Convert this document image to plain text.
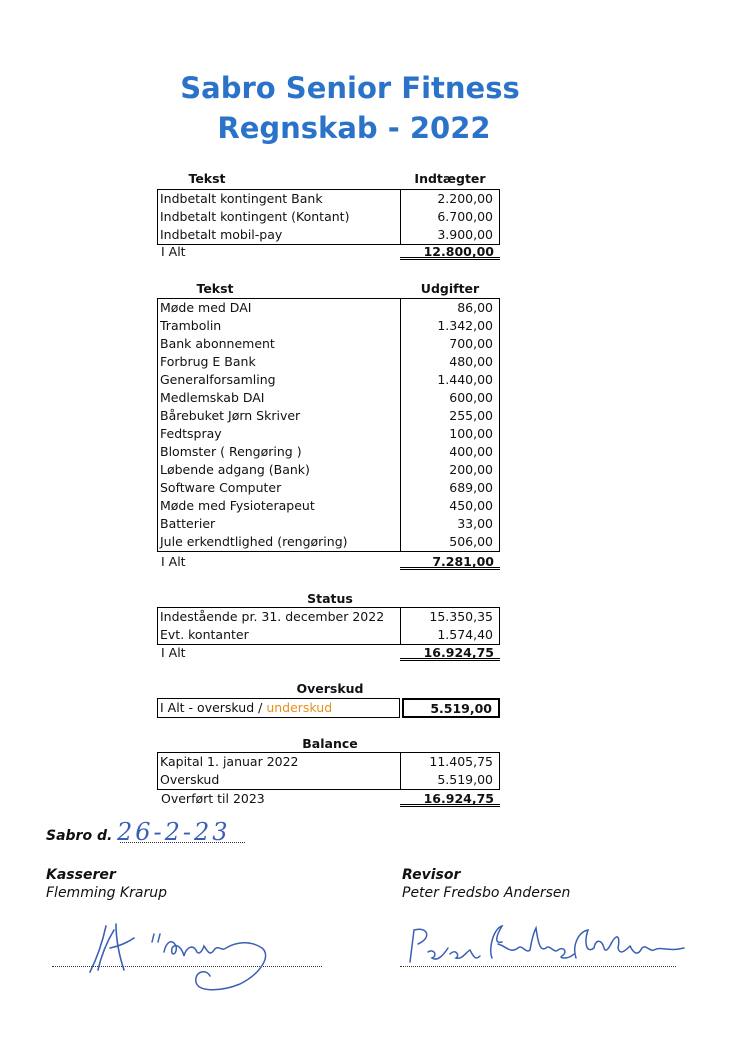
Sabro Senior Fitness
Regnskab - 2022
Tekst	Indtægter
Indbetalt kontingent Bank	2.200,00
Indbetalt kontingent (Kontant)	6.700,00
Indbetalt mobil-pay	3.900,00
I Alt	12.800,00
Tekst	Udgifter
Møde med DAI	86,00
Trambolin	1.342,00
Bank abonnement	700,00
Forbrug E Bank	480,00
Generalforsamling	1.440,00
Medlemskab DAI	600,00
Bårebuket Jørn Skriver	255,00
Fedtspray	100,00
Blomster ( Rengøring )	400,00
Løbende adgang (Bank)	200,00
Software Computer	689,00
Møde med Fysioterapeut	450,00
Batterier	33,00
Jule erkendtlighed (rengøring)	506,00
I Alt	7.281,00
Status
Indestående pr. 31. december 2022	15.350,35
Evt. kontanter	1.574,40
I Alt	16.924,75
Overskud
I Alt - overskud / underskud	5.519,00
Balance
Kapital 1. januar 2022	11.405,75
Overskud	5.519,00
Overført til 2023	16.924,75
Sabro d. 26-2-23
Kasserer
Flemming Krarup
Revisor
Peter Fredsbo Andersen
